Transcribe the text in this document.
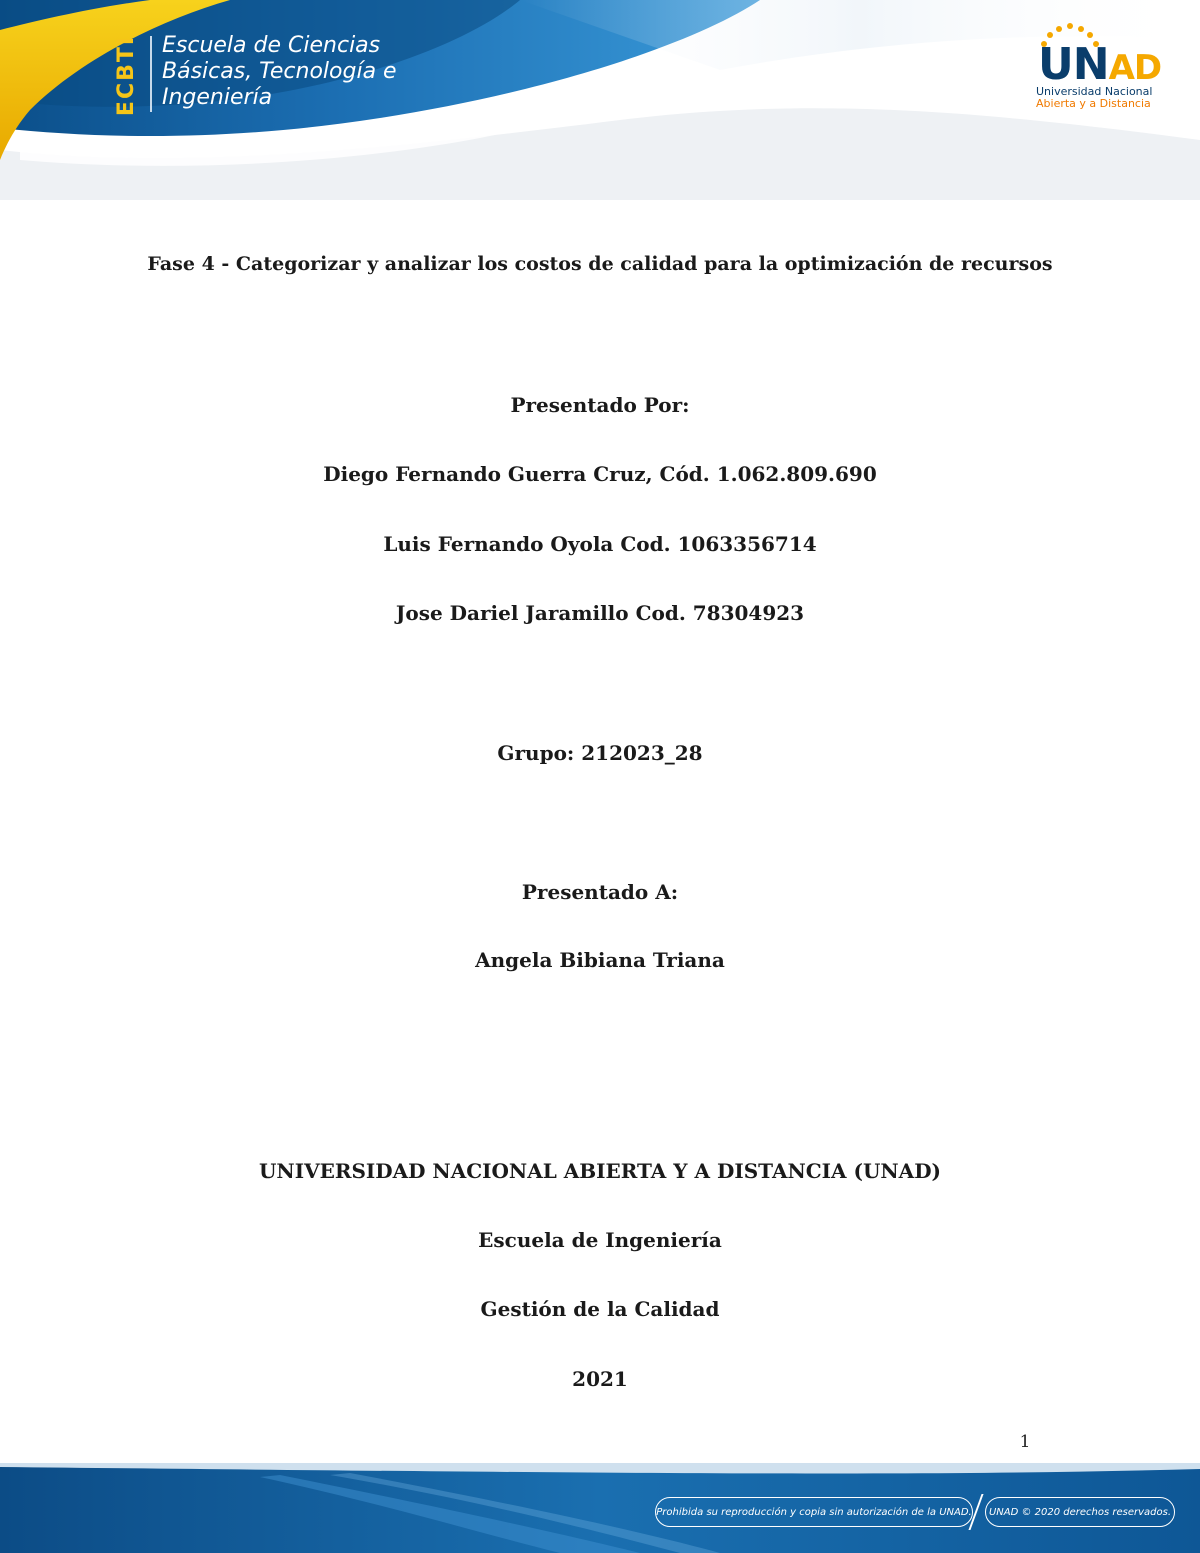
ECBTI Escuela de Ciencias
Básicas, Tecnología e
Ingeniería
UNAD
Universidad Nacional
Abierta y a Distancia
Fase 4 - Categorizar y analizar los costos de calidad para la optimización de recursos
Presentado Por:
Diego Fernando Guerra Cruz, Cód. 1.062.809.690
Luis Fernando Oyola Cod. 1063356714
Jose Dariel Jaramillo Cod. 78304923
Grupo: 212023_28
Presentado A:
Angela Bibiana Triana
UNIVERSIDAD NACIONAL ABIERTA Y A DISTANCIA (UNAD)
Escuela de Ingeniería
Gestión de la Calidad
2021
1
Prohibida su reproducción y copia sin autorización de la UNAD.	UNAD © 2020 derechos reservados.
